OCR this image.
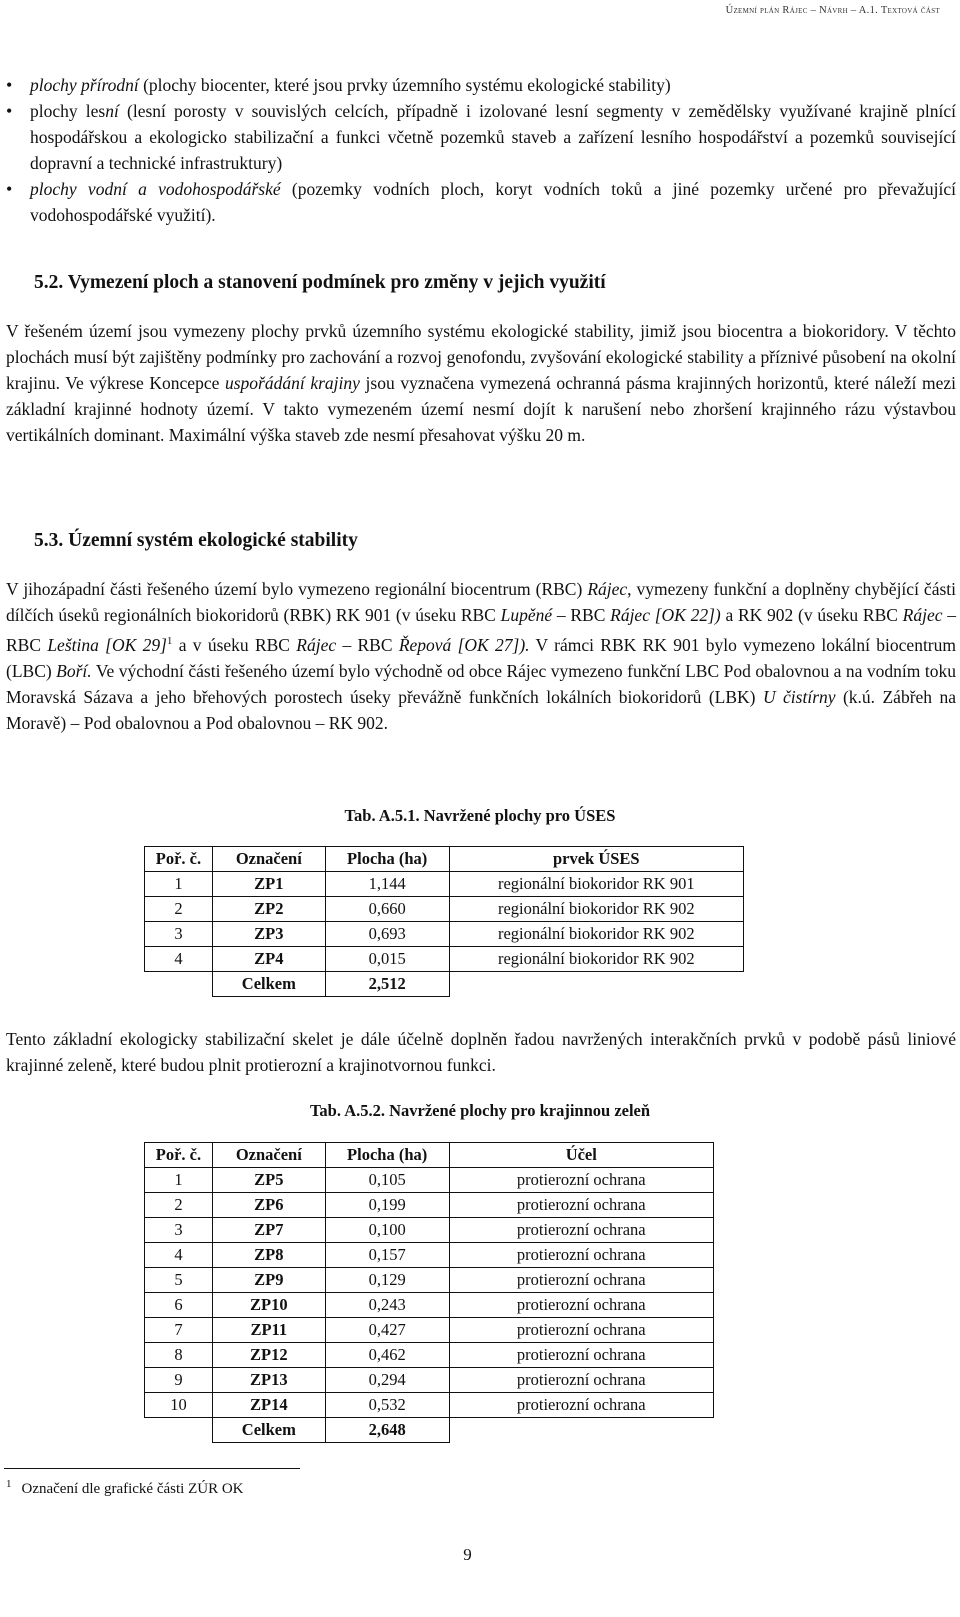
Územní plán Rájec – Návrh – A.1. Textová část
• plochy přírodní (plochy biocenter, které jsou prvky územního systému ekologické stability)
• plochy lesní (lesní porosty v souvislých celcích, případně i izolované lesní segmenty v zemědělsky využívané krajině plnící hospodářskou a ekologicko stabilizační a funkci včetně pozemků staveb a zařízení lesního hospodářství a pozemků související dopravní a technické infrastruktury)
• plochy vodní a vodohospodářské (pozemky vodních ploch, koryt vodních toků a jiné pozemky určené pro převažující vodohospodářské využití).
5.2. Vymezení ploch a stanovení podmínek pro změny v jejich využití
V řešeném území jsou vymezeny plochy prvků územního systému ekologické stability, jimiž jsou biocentra a biokoridory. V těchto plochách musí být zajištěny podmínky pro zachování a rozvoj genofondu, zvyšování ekologické stability a příznivé působení na okolní krajinu. Ve výkrese Koncepce uspořádání krajiny jsou vyznačena vymezená ochranná pásma krajinných horizontů, které náleží mezi základní krajinné hodnoty území. V takto vymezeném území nesmí dojít k narušení nebo zhoršení krajinného rázu výstavbou vertikálních dominant. Maximální výška staveb zde nesmí přesahovat výšku 20 m.
5.3. Územní systém ekologické stability
V jihozápadní části řešeného území bylo vymezeno regionální biocentrum (RBC) Rájec, vymezeny funkční a doplněny chybějící části dílčích úseků regionálních biokoridorů (RBK) RK 901 (v úseku RBC Lupěné – RBC Rájec [OK 22]) a RK 902 (v úseku RBC Rájec – RBC Leština [OK 29]$^1$ a v úseku RBC Rájec – RBC Řepová [OK 27]). V rámci RBK RK 901 bylo vymezeno lokální biocentrum (LBC) Boří. Ve východní části řešeného území bylo východně od obce Rájec vymezeno funkční LBC Pod obalovnou a na vodním toku Moravská Sázava a jeho břehových porostech úseky převážně funkčních lokálních biokoridorů (LBK) U čistírny (k.ú. Zábřeh na Moravě) – Pod obalovnou a Pod obalovnou – RK 902.
Tab. A.5.1. Navržené plochy pro ÚSES
Poř. č.	Označení	Plocha (ha)	prvek ÚSES
1	ZP1	1,144	regionální biokoridor RK 901
2	ZP2	0,660	regionální biokoridor RK 902
3	ZP3	0,693	regionální biokoridor RK 902
4	ZP4	0,015	regionální biokoridor RK 902
	Celkem	2,512	
Tento základní ekologicky stabilizační skelet je dále účelně doplněn řadou navržených interakčních prvků v podobě pásů liniové krajinné zeleně, které budou plnit protierozní a krajinotvornou funkci.
Tab. A.5.2. Navržené plochy pro krajinnou zeleň
Poř. č.	Označení	Plocha (ha)	Účel
1	ZP5	0,105	protierozní ochrana
2	ZP6	0,199	protierozní ochrana
3	ZP7	0,100	protierozní ochrana
4	ZP8	0,157	protierozní ochrana
5	ZP9	0,129	protierozní ochrana
6	ZP10	0,243	protierozní ochrana
7	ZP11	0,427	protierozní ochrana
8	ZP12	0,462	protierozní ochrana
9	ZP13	0,294	protierozní ochrana
10	ZP14	0,532	protierozní ochrana
	Celkem	2,648	
$^1$ Označení dle grafické části ZÚR OK
9
